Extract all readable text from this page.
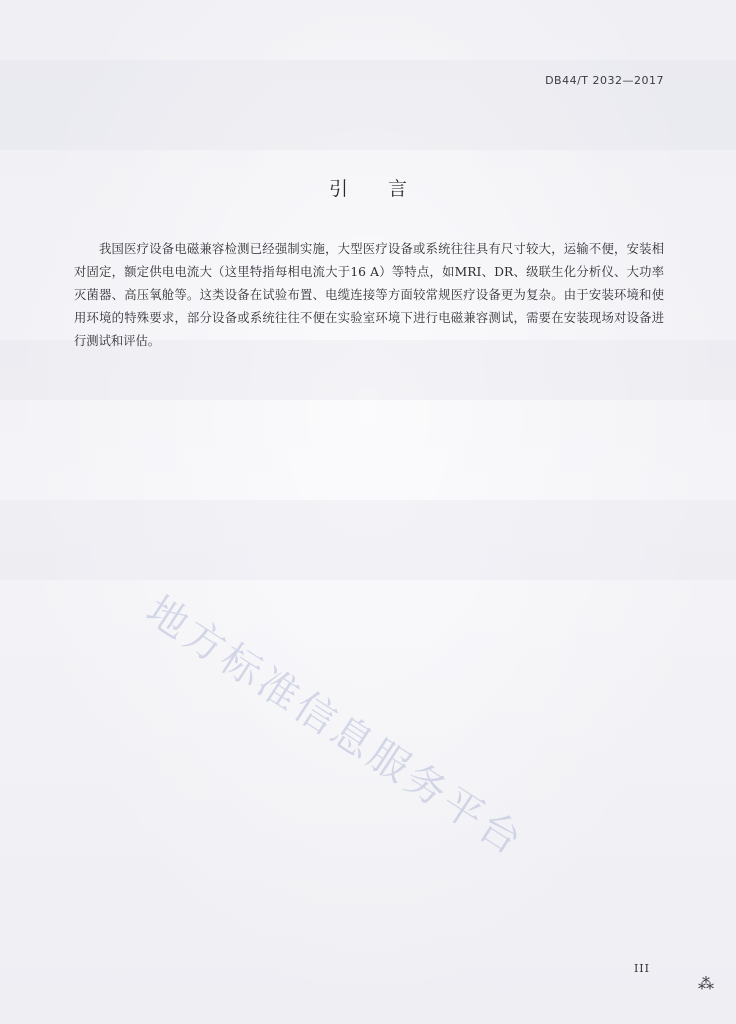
DB44/T 2032—2017
引言
我国医疗设备电磁兼容检测已经强制实施，大型医疗设备或系统往往具有尺寸较大，运输不便，安装相对固定，额定供电电流大（这里特指每相电流大于16 A）等特点，如MRI、DR、级联生化分析仪、大功率灭菌器、高压氧舱等。这类设备在试验布置、电缆连接等方面较常规医疗设备更为复杂。由于安装环境和使用环境的特殊要求，部分设备或系统往往不便在实验室环境下进行电磁兼容测试，需要在安装现场对设备进行测试和评估。
地方标准信息服务平台
III
⁂
